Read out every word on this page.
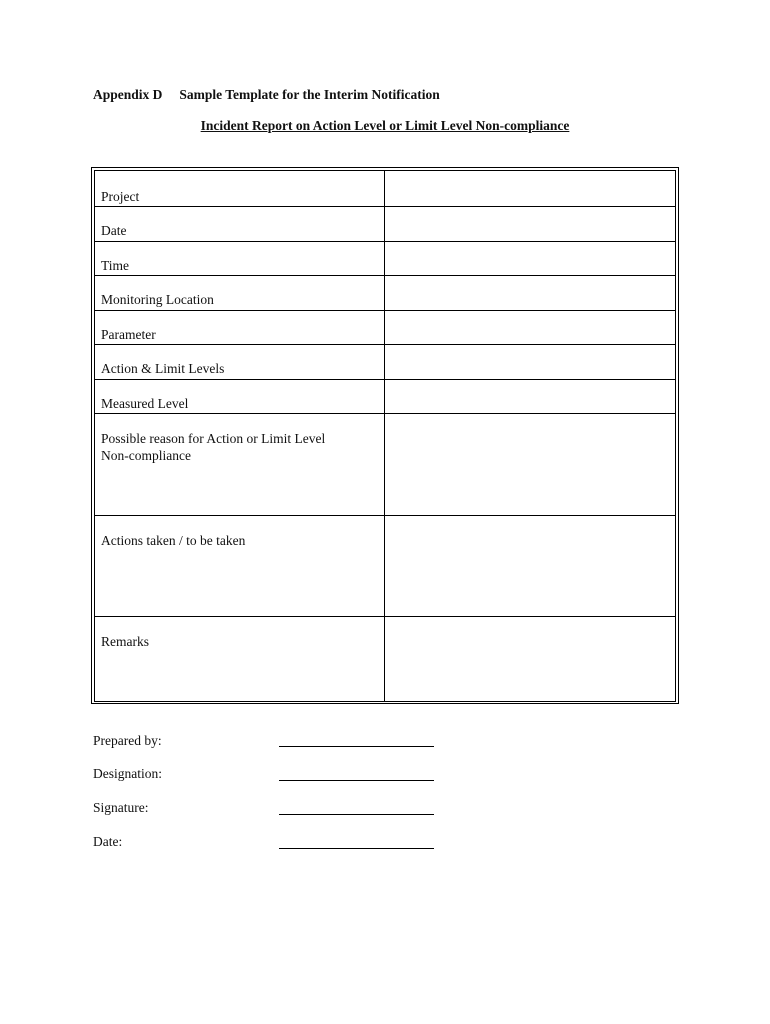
Appendix D Sample Template for the Interim Notification
Incident Report on Action Level or Limit Level Non-compliance
Project	

Date	

Time	

Monitoring Location	

Parameter	

Action & Limit Levels	

Measured Level	

Possible reason for Action or Limit Level
Non-compliance	

Actions taken / to be taken	

Remarks	

Prepared by:
Designation:
Signature:
Date:
